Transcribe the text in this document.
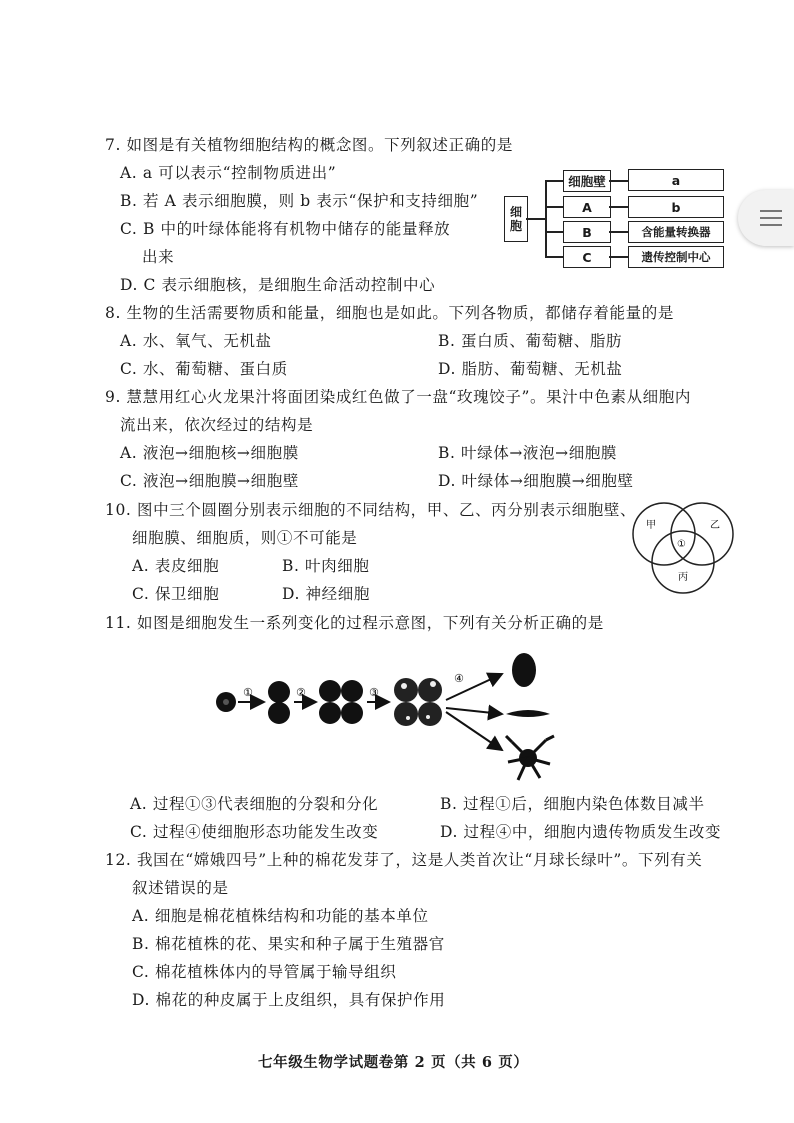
7. 如图是有关植物细胞结构的概念图。下列叙述正确的是
A. a 可以表示“控制物质进出”
B. 若 A 表示细胞膜，则 b 表示“保护和支持细胞”
C. B 中的叶绿体能将有机物中储存的能量释放
出来
D. C 表示细胞核，是细胞生命活动控制中心
细胞
细胞壁
A
B
C
a
b
含能量转换器
遗传控制中心
8. 生物的生活需要物质和能量，细胞也是如此。下列各物质，都储存着能量的是
A. 水、氧气、无机盐	B. 蛋白质、葡萄糖、脂肪
C. 水、葡萄糖、蛋白质	D. 脂肪、葡萄糖、无机盐
9. 慧慧用红心火龙果汁将面团染成红色做了一盘“玫瑰饺子”。果汁中色素从细胞内
流出来，依次经过的结构是
A. 液泡→细胞核→细胞膜	B. 叶绿体→液泡→细胞膜
C. 液泡→细胞膜→细胞壁	D. 叶绿体→细胞膜→细胞壁
10. 图中三个圆圈分别表示细胞的不同结构，甲、乙、丙分别表示细胞壁、
细胞膜、细胞质，则①不可能是
A. 表皮细胞	B. 叶肉细胞
C. 保卫细胞	D. 神经细胞
甲	乙
丙
①
11. 如图是细胞发生一系列变化的过程示意图，下列有关分析正确的是
①	②	③
④
A. 过程①③代表细胞的分裂和分化	B. 过程①后，细胞内染色体数目减半
C. 过程④使细胞形态功能发生改变	D. 过程④中，细胞内遗传物质发生改变
12. 我国在“嫦娥四号”上种的棉花发芽了，这是人类首次让“月球长绿叶”。下列有关
叙述错误的是
A. 细胞是棉花植株结构和功能的基本单位
B. 棉花植株的花、果实和种子属于生殖器官
C. 棉花植株体内的导管属于输导组织
D. 棉花的种皮属于上皮组织，具有保护作用
七年级生物学试题卷第 2 页（共 6 页）
